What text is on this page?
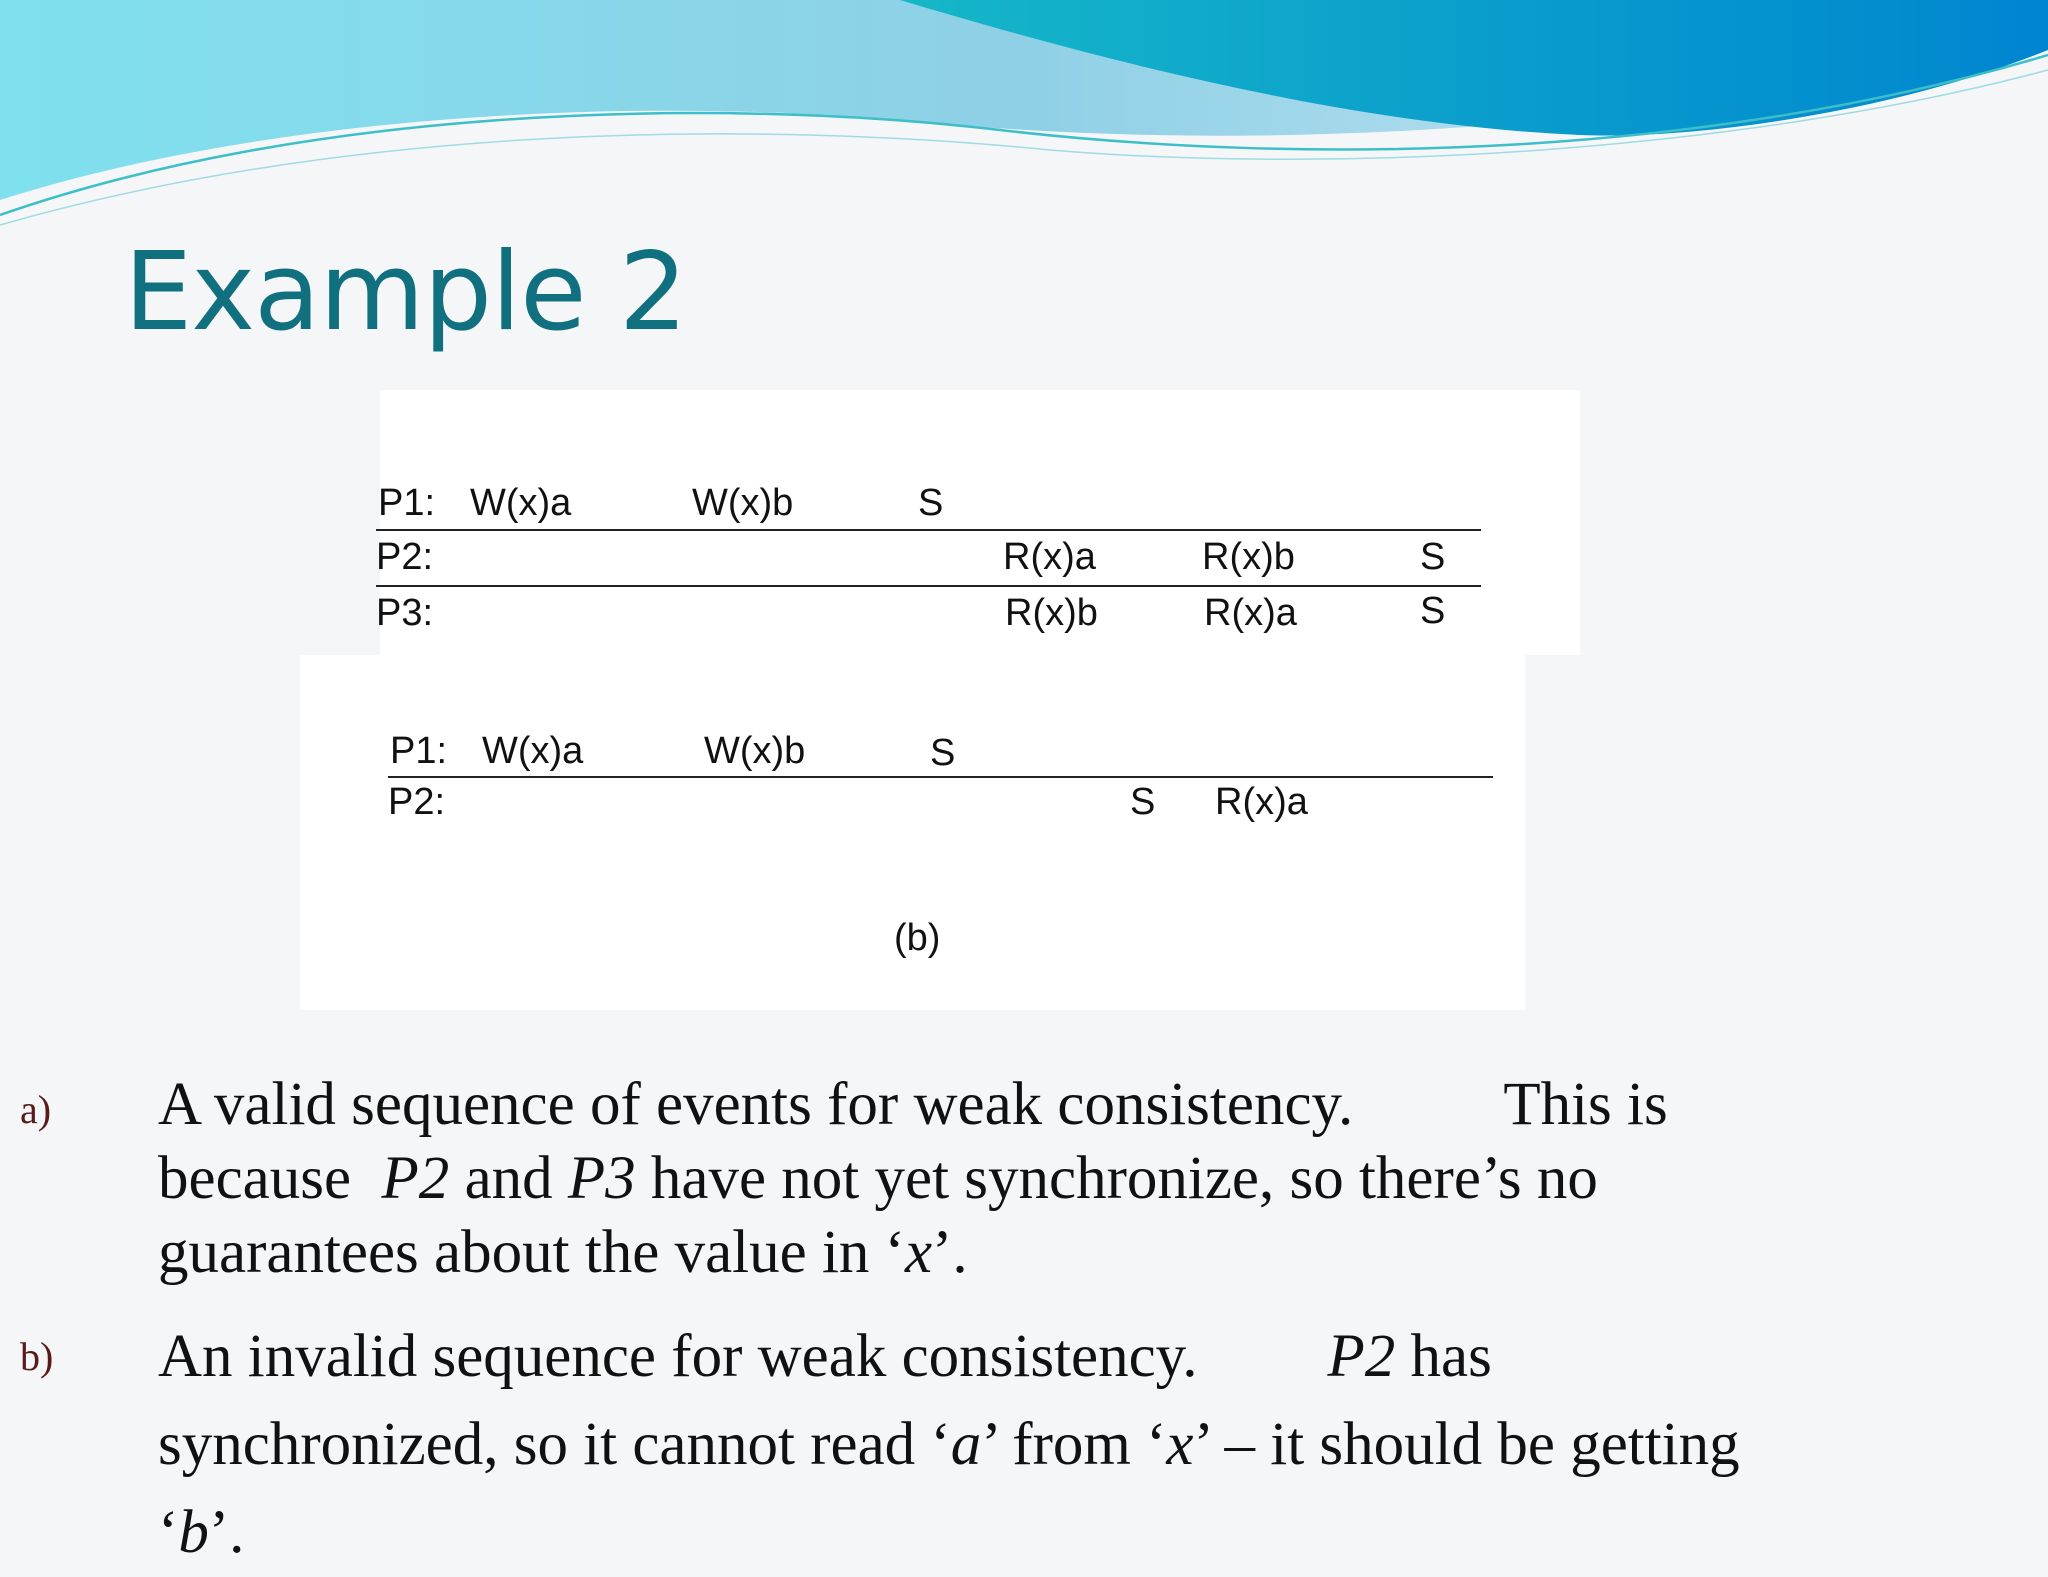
Example 2
P1: W(x)a	W(x)b	S
P2:	R(x)a	R(x)b	S
P3:	R(x)b	R(x)a	S
P1: W(x)a	W(x)b	S
P2:	S R(x)a
(b)
a) A valid sequence of events for weak consistency. This is
because P2 and P3 have not yet synchronize, so there’s no
guarantees about the value in ‘x’.
b) An invalid sequence for weak consistency. P2 has
synchronized, so it cannot read ‘a’ from ‘x’ – it should be getting
‘b’.
